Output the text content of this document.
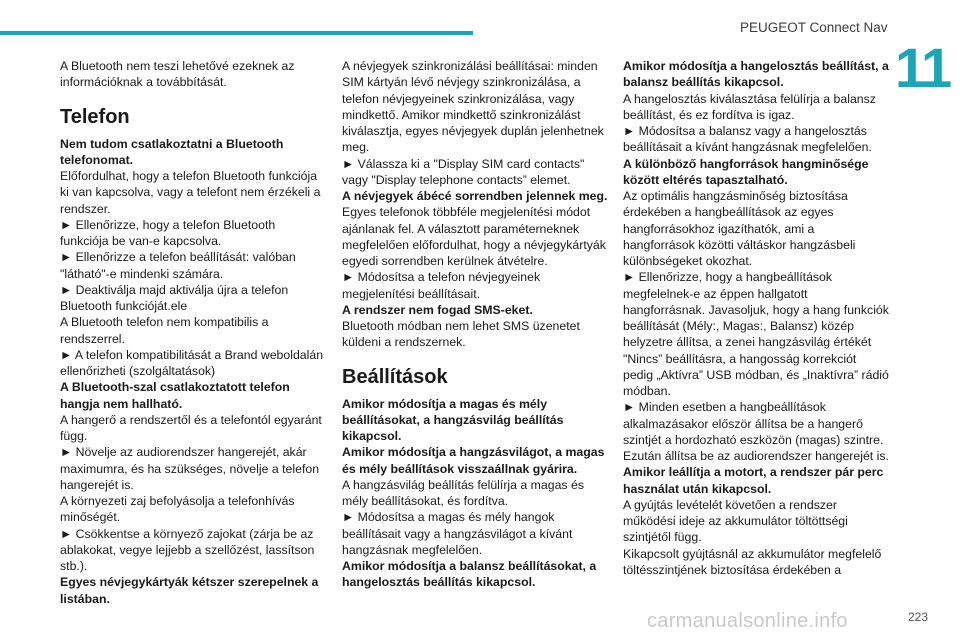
PEUGEOT Connect Nav
11

A Bluetooth nem teszi lehetővé ezeknek az információknak a továbbítását.

Telefon

Nem tudom csatlakoztatni a Bluetooth telefonomat.

Előfordulhat, hogy a telefon Bluetooth funkciója ki van kapcsolva, vagy a telefont nem érzékeli a rendszer.

► Ellenőrizze, hogy a telefon Bluetooth funkciója be van-e kapcsolva.

► Ellenőrizze a telefon beállítását: valóban "látható"-e mindenki számára.

► Deaktiválja majd aktiválja újra a telefon Bluetooth funkcióját.ele

A Bluetooth telefon nem kompatibilis a rendszerrel.

► A telefon kompatibilitását a Brand weboldalán ellenőrizheti (szolgáltatások)

A Bluetooth-szal csatlakoztatott telefon hangja nem hallható.

A hangerő a rendszertől és a telefontól egyaránt függ.

► Növelje az audiorendszer hangerejét, akár maximumra, és ha szükséges, növelje a telefon hangerejét is.

A környezeti zaj befolyásolja a telefonhívás minőségét.

► Csökkentse a környező zajokat (zárja be az ablakokat, vegye lejjebb a szellőzést, lassítson stb.).

Egyes névjegykártyák kétszer szerepelnek a listában.

A névjegyek szinkronizálási beállításai: minden SIM kártyán lévő névjegy szinkronizálása, a telefon névjegyeinek szinkronizálása, vagy mindkettő. Amikor mindkettő szinkronizálást kiválasztja, egyes névjegyek duplán jelenhetnek meg.

► Válassza ki a "Display SIM card contacts" vagy "Display telephone contacts” elemet.

A névjegyek ábécé sorrendben jelennek meg.

Egyes telefonok többféle megjelenítési módot ajánlanak fel. A választott paraméterneknek megfelelően előfordulhat, hogy a névjegykártyák egyedi sorrendben kerülnek átvételre.

► Módosítsa a telefon névjegyeinek megjelenítési beállításait.

A rendszer nem fogad SMS-eket.

Bluetooth módban nem lehet SMS üzenetet küldeni a rendszernek.

Beállítások

Amikor módosítja a magas és mély beállításokat, a hangzásvilág beállítás kikapcsol.

Amikor módosítja a hangzásvilágot, a magas és mély beállítások visszaállnak gyárira.

A hangzásvilág beállítás felülírja a magas és mély beállításokat, és fordítva.

► Módosítsa a magas és mély hangok beállításait vagy a hangzásvilágot a kívánt hangzásnak megfelelően.

Amikor módosítja a balansz beállításokat, a hangelosztás beállítás kikapcsol.

Amikor módosítja a hangelosztás beállítást, a balansz beállítás kikapcsol.

A hangelosztás kiválasztása felülírja a balansz beállítást, és ez fordítva is igaz.

► Módosítsa a balansz vagy a hangelosztás beállításait a kívánt hangzásnak megfelelően.

A különböző hangforrások hangminősége között eltérés tapasztalható.

Az optimális hangzásminőség biztosítása érdekében a hangbeállítások az egyes hangforrásokhoz igazíthatók, ami a hangforrások közötti váltáskor hangzásbeli különbségeket okozhat.

► Ellenőrizze, hogy a hangbeállítások megfelelnek-e az éppen hallgatott hangforrásnak. Javasoljuk, hogy a hang funkciók beállítását (Mély:, Magas:, Balansz) közép helyzetre állítsa, a zenei hangzásvilág értékét "Nincs” beállításra, a hangosság korrekciót pedig „Aktívra” USB módban, és „Inaktívra” rádió módban.

► Minden esetben a hangbeállítások alkalmazásakor először állítsa be a hangerő szintjét a hordozható eszközön (magas) szintre. Ezután állítsa be az audiorendszer hangerejét is.

Amikor leállítja a motort, a rendszer pár perc használat után kikapcsol.

A gyújtás levételét követően a rendszer működési ideje az akkumulátor töltöttségi szintjétől függ.

Kikapcsolt gyújtásnál az akkumulátor megfelelő töltésszintjének biztosítása érdekében a

carmanualsonline.info	223
